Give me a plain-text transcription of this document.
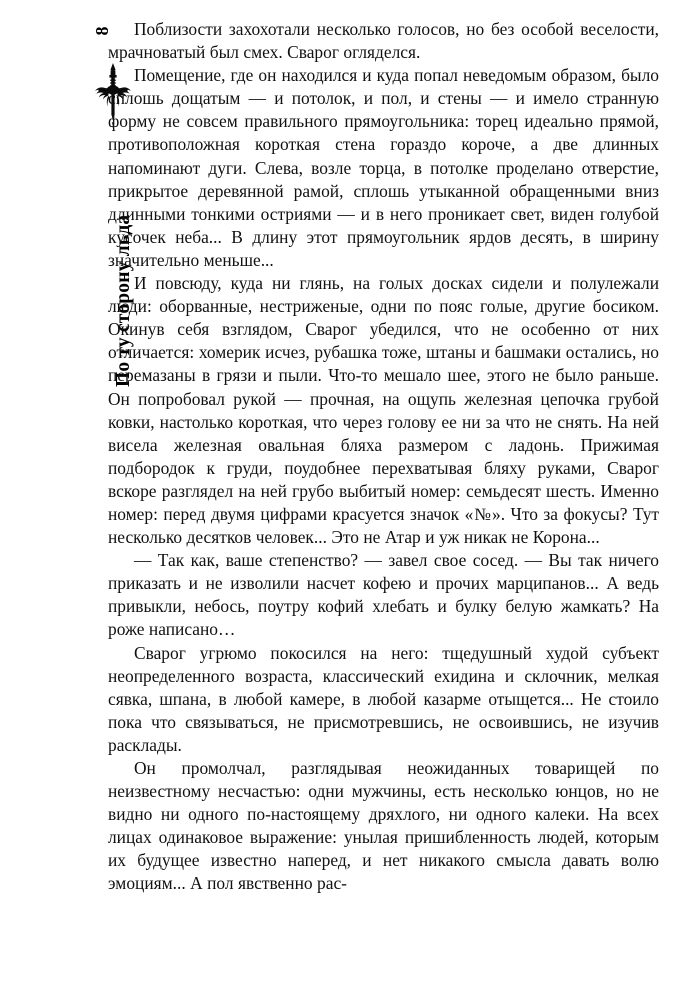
8
По ту сторону льда

Поблизости захохотали несколько голосов, но без особой веселости, мрачноватый был смех. Сварог огляделся.

Помещение, где он находился и куда попал неведомым образом, было сплошь дощатым — и потолок, и пол, и стены — и имело странную форму не совсем правильного прямоугольника: торец идеально прямой, противоположная короткая стена гораздо короче, а две длинных напоминают дуги. Слева, возле торца, в потолке проделано отверстие, прикрытое деревянной рамой, сплошь утыканной обращенными вниз длинными тонкими остриями — и в него проникает свет, виден голубой кусочек неба... В длину этот прямоугольник ярдов десять, в ширину значительно меньше...

И повсюду, куда ни глянь, на голых досках сидели и полулежали люди: оборванные, нестриженые, одни по пояс голые, другие босиком. Окинув себя взглядом, Сварог убедился, что не особенно от них отличается: хомерик исчез, рубашка тоже, штаны и башмаки остались, но перемазаны в грязи и пыли. Что-то мешало шее, этого не было раньше. Он попробовал рукой — прочная, на ощупь железная цепочка грубой ковки, настолько короткая, что через голову ее ни за что не снять. На ней висела железная овальная бляха размером с ладонь. Прижимая подбородок к груди, поудобнее перехватывая бляху руками, Сварог вскоре разглядел на ней грубо выбитый номер: семьдесят шесть. Именно номер: перед двумя цифрами красуется значок «№». Что за фокусы? Тут несколько десятков человек... Это не Атар и уж никак не Корона...

— Так как, ваше степенство? — завел свое сосед. — Вы так ничего приказать и не изволили насчет кофею и прочих марципанов... А ведь привыкли, небось, поутру кофий хлебать и булку белую жамкать? На роже написано…

Сварог угрюмо покосился на него: тщедушный худой субъект неопределенного возраста, классический ехидина и склочник, мелкая сявка, шпана, в любой камере, в любой казарме отыщется... Не стоило пока что связываться, не присмотревшись, не освоившись, не изучив расклады.

Он промолчал, разглядывая неожиданных товарищей по неизвестному несчастью: одни мужчины, есть несколько юнцов, но не видно ни одного по-настоящему дряхлого, ни одного калеки. На всех лицах одинаковое выражение: унылая пришибленность людей, которым их будущее известно наперед, и нет никакого смысла давать волю эмоциям... А пол явственно рас-
